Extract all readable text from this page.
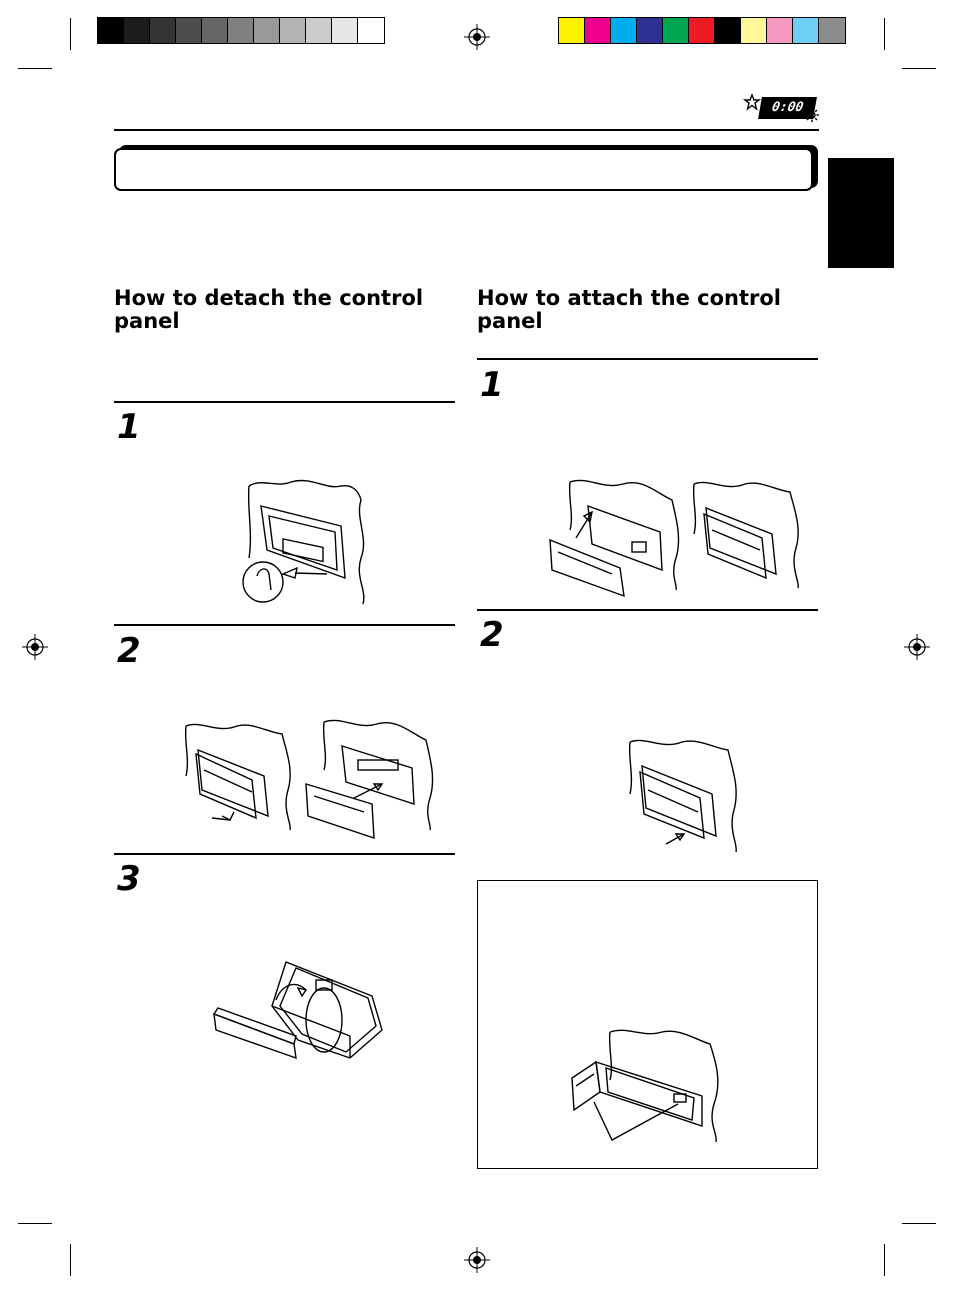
0:00
How to detach the control panel
1
2
3
How to attach the control panel
1
2
